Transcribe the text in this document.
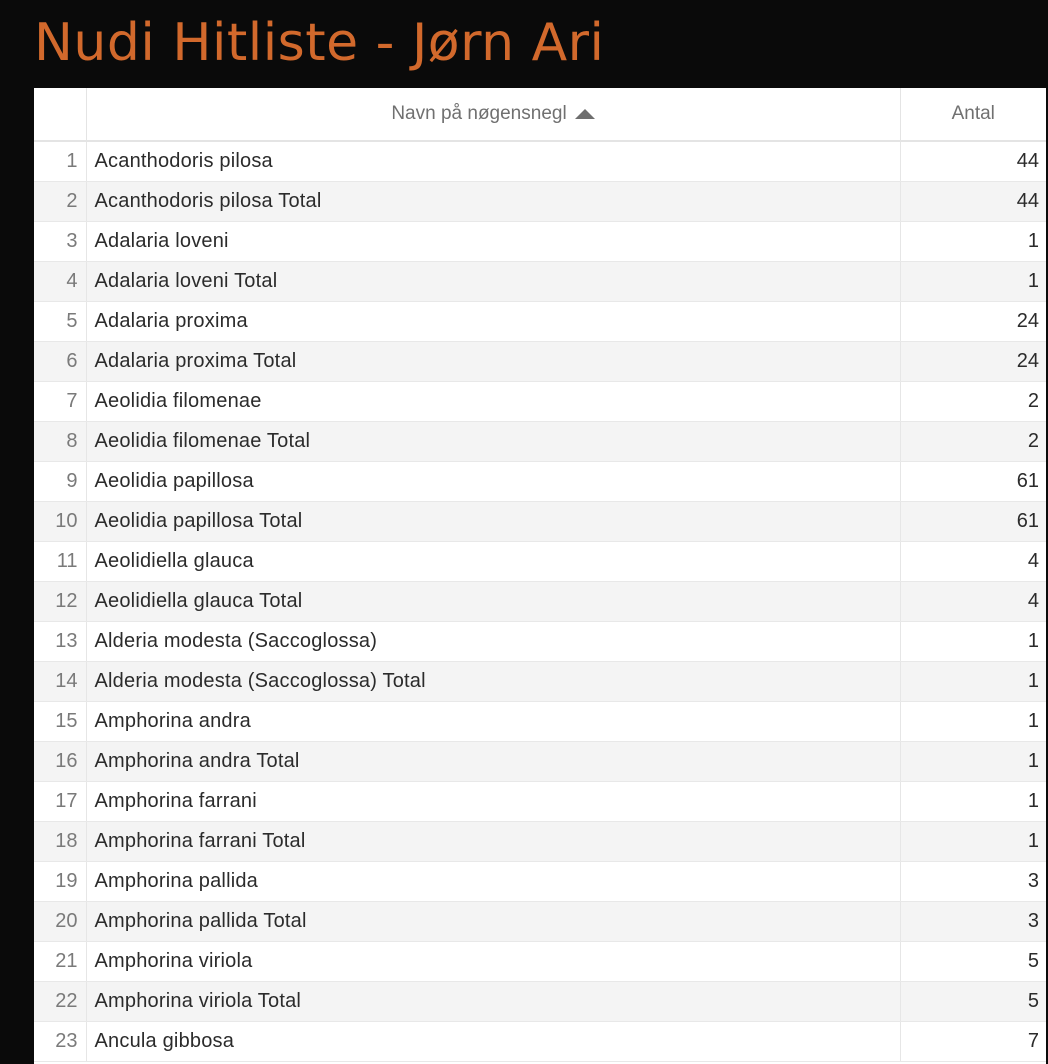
Nudi Hitliste - Jørn Ari
	Navn på nøgensnegl	Antal
1	Acanthodoris pilosa	44
2	Acanthodoris pilosa Total	44
3	Adalaria loveni	1
4	Adalaria loveni Total	1
5	Adalaria proxima	24
6	Adalaria proxima Total	24
7	Aeolidia filomenae	2
8	Aeolidia filomenae Total	2
9	Aeolidia papillosa	61
10	Aeolidia papillosa Total	61
11	Aeolidiella glauca	4
12	Aeolidiella glauca Total	4
13	Alderia modesta (Saccoglossa)	1
14	Alderia modesta (Saccoglossa) Total	1
15	Amphorina andra	1
16	Amphorina andra Total	1
17	Amphorina farrani	1
18	Amphorina farrani Total	1
19	Amphorina pallida	3
20	Amphorina pallida Total	3
21	Amphorina viriola	5
22	Amphorina viriola Total	5
23	Ancula gibbosa	7
